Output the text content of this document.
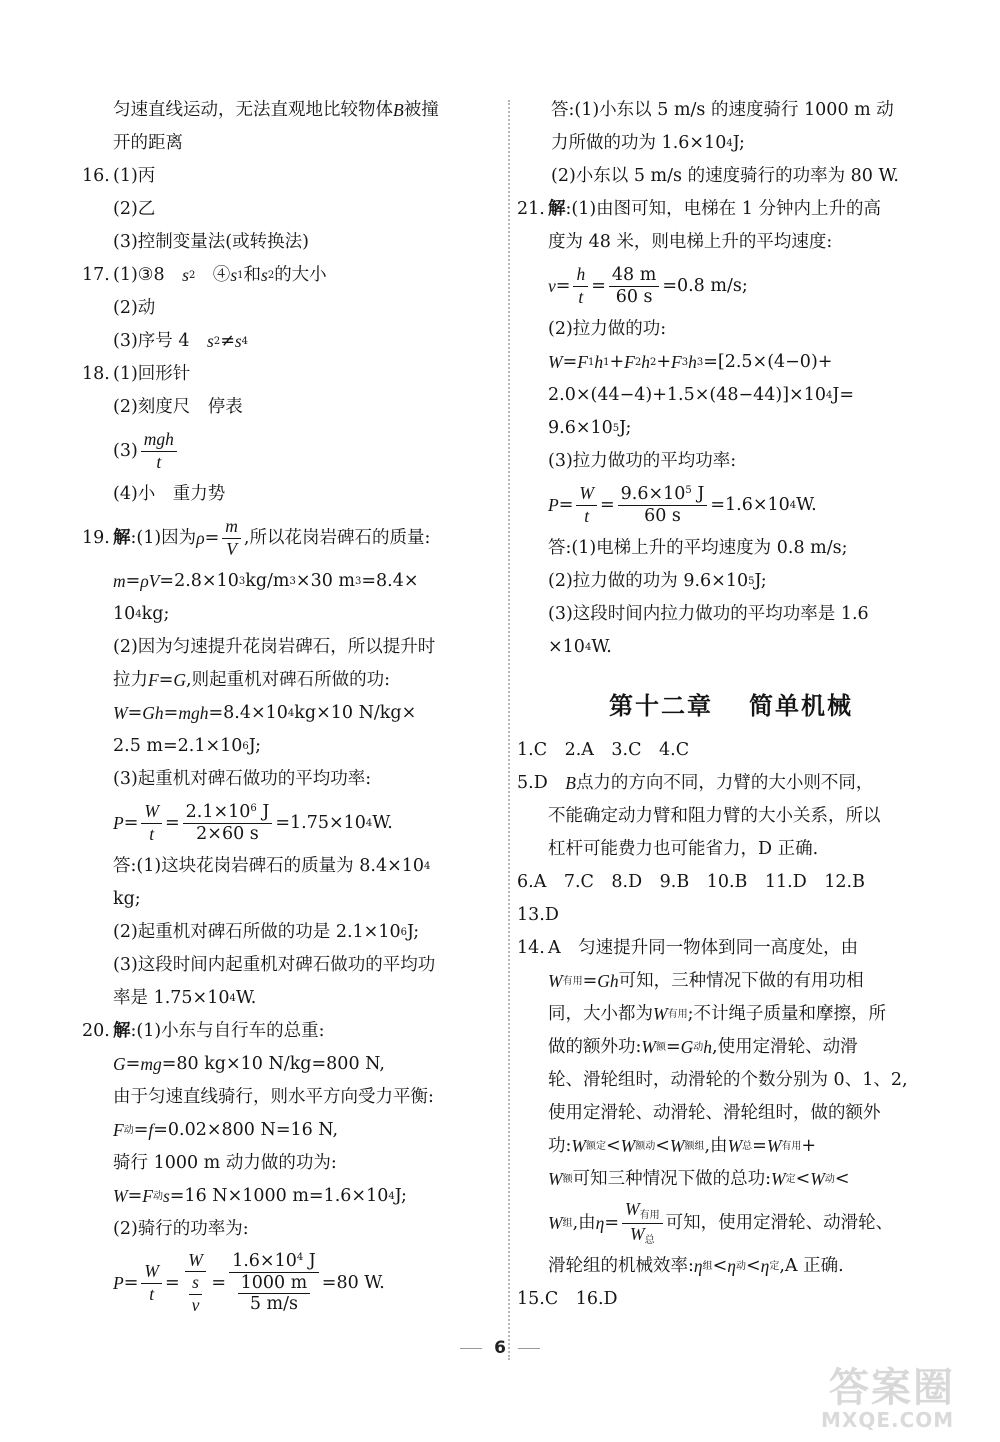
匀速直线运动，无法直观地比较物体 B 被撞
开的距离
16. (1)丙
(2)乙
(3)控制变量法(或转换法)
17. (1)③8　 s 2 　④ s 1 和 s 2 的大小
(2)动
(3)序号 4　 s 2 ≠ s 4
18. (1)回形针
(2)刻度尺　停表
$(3) \frac{\text{mgh}}{t}$
(4)小　重力势
19. 解 :(1)因为 $\rho = \frac{m}{V}$ ,所以花岗岩碑石的质量:
m = ρ V =2.8×10 3 kg/m 3 ×30 m 3 =8.4×
10 4 kg;
(2)因为匀速提升花岗岩碑石，所以提升时
拉力 F = G ,则起重机对碑石所做的功:
W = G h = m g h =8.4×10 4 kg×10 N/kg×
2.5 m=2.1×10 6 J;
(3)起重机对碑石做功的平均功率:
$P = \frac{W}{t} = \frac{2.1\times 10^6 J}{2\times 60 s} =1.75\times 10$ 4 W.
答:(1)这块花岗岩碑石的质量为 8.4×10 4
kg;
(2)起重机对碑石所做的功是 2.1×10 6 J;
(3)这段时间内起重机对碑石做功的平均功
率是 1.75×10 4 W.
20. 解 :(1)小东与自行车的总重:
G = m g =80 kg×10 N/kg=800 N,
由于匀速直线骑行，则水平方向受力平衡:
F 动 = f =0.02×800 N=16 N,
骑行 1000 m 动力做的功为:
W = F 动 s =16 N×1000 m=1.6×10 4 J;
(2)骑行的功率为:
$P = \frac{W}{t} = \frac{W}{\frac{s}{v}} = \frac{1.6\times 10^4 J}{\frac{1000 m}{5 m/s}} =80$ W.
答:(1)小东以 5 m/s 的速度骑行 1000 m 动
力所做的功为 1.6×10 4 J;
(2)小东以 5 m/s 的速度骑行的功率为 80 W.
21. 解 :(1)由图可知，电梯在 1 分钟内上升的高
度为 48 米，则电梯上升的平均速度:
$v = \frac{h}{t} = \frac{48 m}{60 s} =0.8$ m/s;
(2)拉力做的功:
W = F 1 h 1 + F 2 h 2 + F 3 h 3 =[2.5×(4−0)+
2.0×(44−4)+1.5×(48−44)]×10 4 J=
9.6×10 5 J;
(3)拉力做功的平均功率:
$P = \frac{W}{t} = \frac{9.6\times 10^5 J}{60 s} =1.6\times 10$ 4 W.
答:(1)电梯上升的平均速度为 0.8 m/s;
(2)拉力做的功为 9.6×10 5 J;
(3)这段时间内拉力做功的平均功率是 1.6
×10 4 W.
第十二章 简单机械
1.C　2.A　3.C　4.C
5.D　 B 点力的方向不同，力臂的大小则不同，
不能确定动力臂和阻力臂的大小关系，所以
杠杆可能费力也可能省力，D 正确.
6.A　7.C　8.D　9.B　10.B　11.D　12.B
13.D
14. A　匀速提升同一物体到同一高度处，由
W 有用 = G h 可知，三种情况下做的有用功相
同，大小都为 W 有用 ;不计绳子质量和摩擦，所
做的额外功: W 额 = G 动 h ,使用定滑轮、动滑
轮、滑轮组时，动滑轮的个数分别为 0、1、2,
使用定滑轮、动滑轮、滑轮组时，做的额外
功: W 额定 < W 额动 < W 额组 ,由 W 总 = W 有用 +
W 额 可知三种情况下做的总功: W 定 < W 动 <
W 组 ,由 $\eta = \frac{W_{有用}}{W_总}$ 可知，使用定滑轮、动滑轮、
滑轮组的机械效率: η 组 < η 动 < η 定 ,A 正确.
15.C　16.D
6
答案圈
MXQE.COM
